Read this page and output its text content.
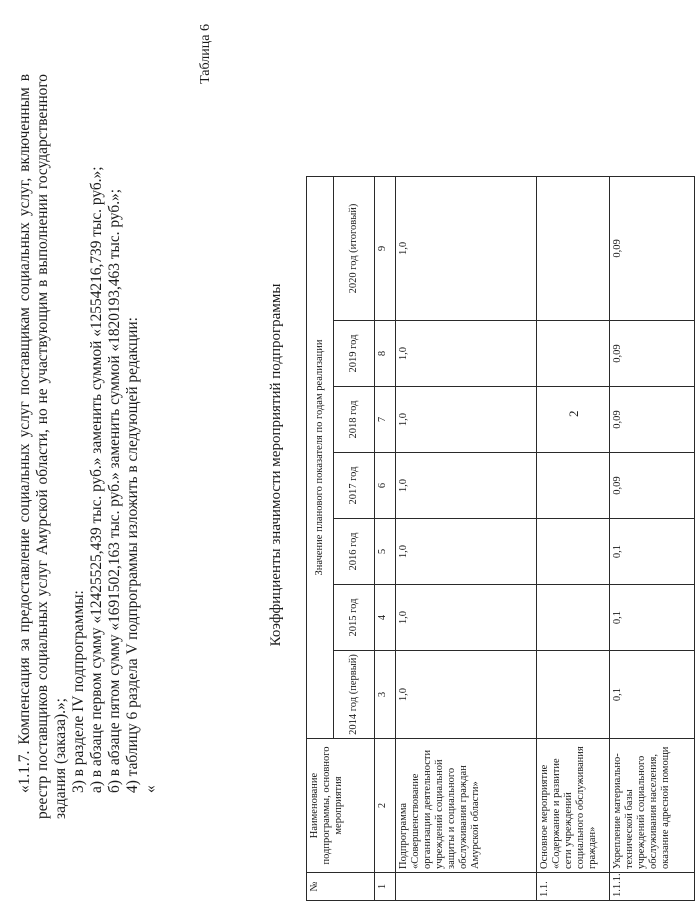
2

«1.1.7. Компенсация за предоставление социальных услуг поставщикам социальных услуг, включенным в реестр поставщиков социальных услуг Амурской области, но не участвующим в выполнении государственного задания (заказа).»; 3) в разделе IV подпрограммы: а) в абзаце первом сумму «12425525,439 тыс. руб.» заменить суммой «12554216,739 тыс. руб.»; б) в абзаце пятом сумму «1691502,163 тыс. руб.» заменить суммой «1820193,463 тыс. руб.»; 4) таблицу 6 раздела V подпрограммы изложить в следующей редакции: «

Таблица 6
Коэффициенты значимости мероприятий подпрограммы
№	Наименование подпрограммы, основного мероприятия	Значение планового показателя по годам реализации						
		2014 год (первый)	2015 год	2016 год	2017 год	2018 год	2019 год	2020 год (итоговый)
1	2	3	4	5	6	7	8	9
	Подпрограмма «Совершенствование организации деятельности учреждений социальной защиты и социального обслуживания граждан Амурской области»	1,0	1,0	1,0	1,0	1,0	1,0	1,0
1.1.	Основное мероприятие «Содержание и развитие сети учреждений социального обслуживания граждан»							
1.1.1.	Укрепление материально-технической базы учреждений социального обслуживания населения, оказание адресной помощи	0,1	0,1	0,1	0,09	0,09	0,09	0,09
